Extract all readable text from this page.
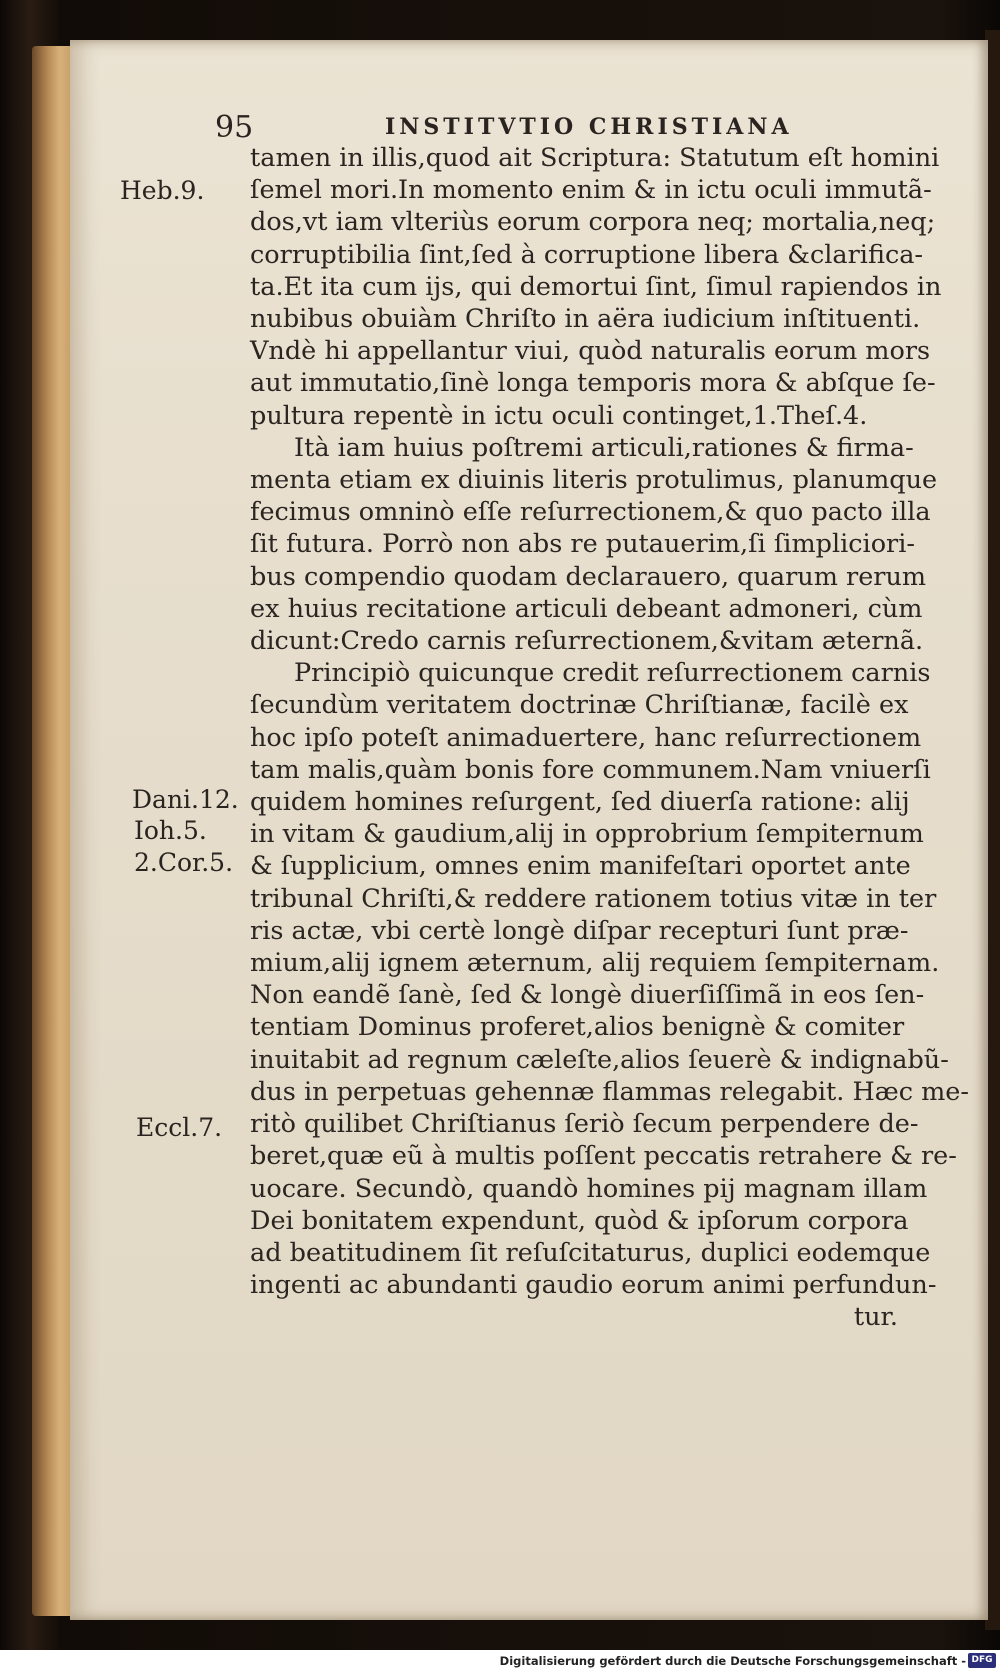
95	INSTITVTIO CHRISTIANA
Heb.9.
Dani.12.
Ioh.5.
2.Cor.5.
Eccl.7.
tamen in illis,quod ait Scriptura: Statutum eſt homini
ſemel mori.In momento enim & in ictu oculi immutã-
dos,vt iam vlteriùs eorum corpora neq; mortalia,neq;
corruptibilia ſint,ſed à corruptione libera &clarifica-
ta.Et ita cum ijs, qui demortui ſint, ſimul rapiendos in
nubibus obuiàm Chriſto in aëra iudicium inſtituenti.
Vndè hi appellantur viui, quòd naturalis eorum mors
aut immutatio,ſinè longa temporis mora & abſque ſe-
pultura repentè in ictu oculi continget,1.Theſ.4.
Ità iam huius poſtremi articuli,rationes & firma-
menta etiam ex diuinis literis protulimus, planumque
fecimus omninò eſſe reſurrectionem,& quo pacto illa
ſit futura. Porrò non abs re putauerim,ſi ſimpliciori-
bus compendio quodam declarauero, quarum rerum
ex huius recitatione articuli debeant admoneri, cùm
dicunt:Credo carnis reſurrectionem,&vitam æternã.
Principiò quicunque credit reſurrectionem carnis
ſecundùm veritatem doctrinæ Chriſtianæ, facilè ex
hoc ipſo poteſt animaduertere, hanc reſurrectionem
tam malis,quàm bonis fore communem.Nam vniuerſi
quidem homines reſurgent, ſed diuerſa ratione: alij
in vitam & gaudium,alij in opprobrium ſempiternum
& ſupplicium, omnes enim manifeſtari oportet ante
tribunal Chriſti,& reddere rationem totius vitæ in ter
ris actæ, vbi certè longè diſpar recepturi ſunt præ-
mium,alij ignem æternum, alij requiem ſempiternam.
Non eandẽ ſanè, ſed & longè diuerſiſſimã in eos ſen-
tentiam Dominus proferet,alios benignè & comiter
inuitabit ad regnum cæleſte,alios ſeuerè & indignabũ-
dus in perpetuas gehennæ flammas relegabit. Hæc me-
ritò quilibet Chriſtianus ſeriò ſecum perpendere de-
beret,quæ eũ à multis poſſent peccatis retrahere & re-
uocare. Secundò, quandò homines pij magnam illam
Dei bonitatem expendunt, quòd & ipſorum corpora
ad beatitudinem ſit reſuſcitaturus, duplici eodemque
ingenti ac abundanti gaudio eorum animi perfundun-
tur.
Digitalisierung gefördert durch die Deutsche Forschungsgemeinschaft - DFG
